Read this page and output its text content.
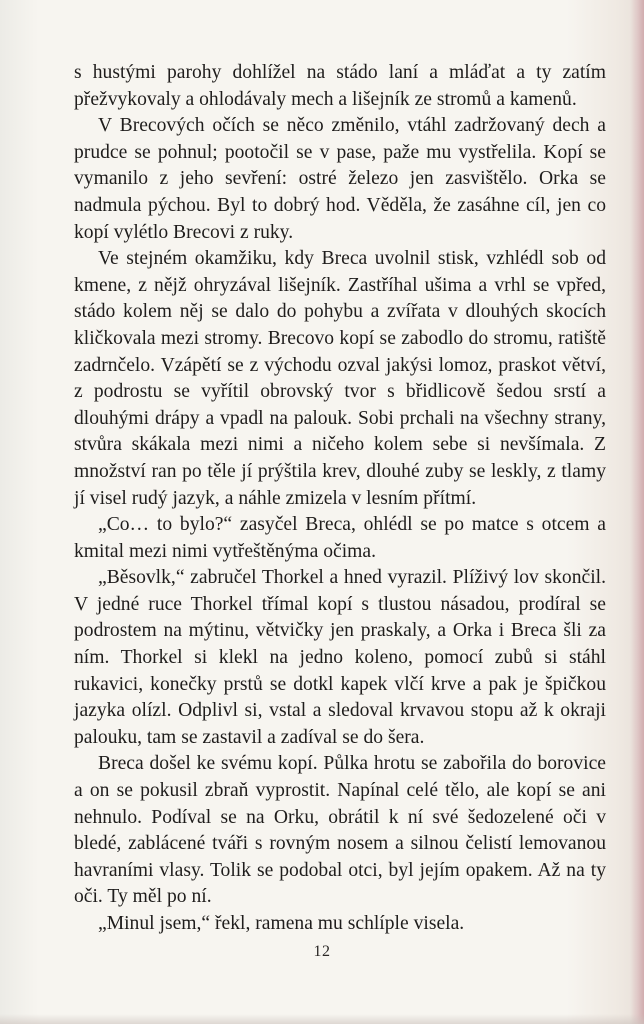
s hustými parohy dohlížel na stádo laní a mláďat a ty zatím přežvykovaly a ohlodávaly mech a lišejník ze stromů a kamenů.

V Brecových očích se něco změnilo, vtáhl zadržovaný dech a prudce se pohnul; pootočil se v pase, paže mu vystřelila. Kopí se vymanilo z jeho sevření: ostré železo jen zasvištělo. Orka se nadmula pýchou. Byl to dobrý hod. Věděla, že zasáhne cíl, jen co kopí vylétlo Brecovi z ruky.

Ve stejném okamžiku, kdy Breca uvolnil stisk, vzhlédl sob od kmene, z nějž ohryzával lišejník. Zastříhal ušima a vrhl se vpřed, stádo kolem něj se dalo do pohybu a zvířata v dlouhých skocích kličkovala mezi stromy. Brecovo kopí se zabodlo do stromu, ratiště zadrnčelo. Vzápětí se z východu ozval jakýsi lomoz, praskot větví, z podrostu se vyřítil obrovský tvor s břidlicově šedou srstí a dlouhými drápy a vpadl na palouk. Sobi prchali na všechny strany, stvůra skákala mezi nimi a ničeho kolem sebe si nevšímala. Z množství ran po těle jí prýštila krev, dlouhé zuby se leskly, z tlamy jí visel rudý jazyk, a náhle zmizela v lesním přítmí.

„Co… to bylo?“ zasyčel Breca, ohlédl se po matce s otcem a kmital mezi nimi vytřeštěnýma očima.

„Běsovlk,“ zabručel Thorkel a hned vyrazil. Plíživý lov skončil. V jedné ruce Thorkel třímal kopí s tlustou násadou, prodíral se podrostem na mýtinu, větvičky jen praskaly, a Orka i Breca šli za ním. Thorkel si klekl na jedno koleno, pomocí zubů si stáhl rukavici, konečky prstů se dotkl kapek vlčí krve a pak je špičkou jazyka olízl. Odplivl si, vstal a sledoval krvavou stopu až k okraji palouku, tam se zastavil a zadíval se do šera.

Breca došel ke svému kopí. Půlka hrotu se zabořila do borovice a on se pokusil zbraň vyprostit. Napínal celé tělo, ale kopí se ani nehnulo. Podíval se na Orku, obrátil k ní své šedozelené oči v bledé, zablácené tváři s rovným nosem a silnou čelistí lemovanou havraními vlasy. Tolik se podobal otci, byl jejím opakem. Až na ty oči. Ty měl po ní.

„Minul jsem,“ řekl, ramena mu schlíple visela.

12
